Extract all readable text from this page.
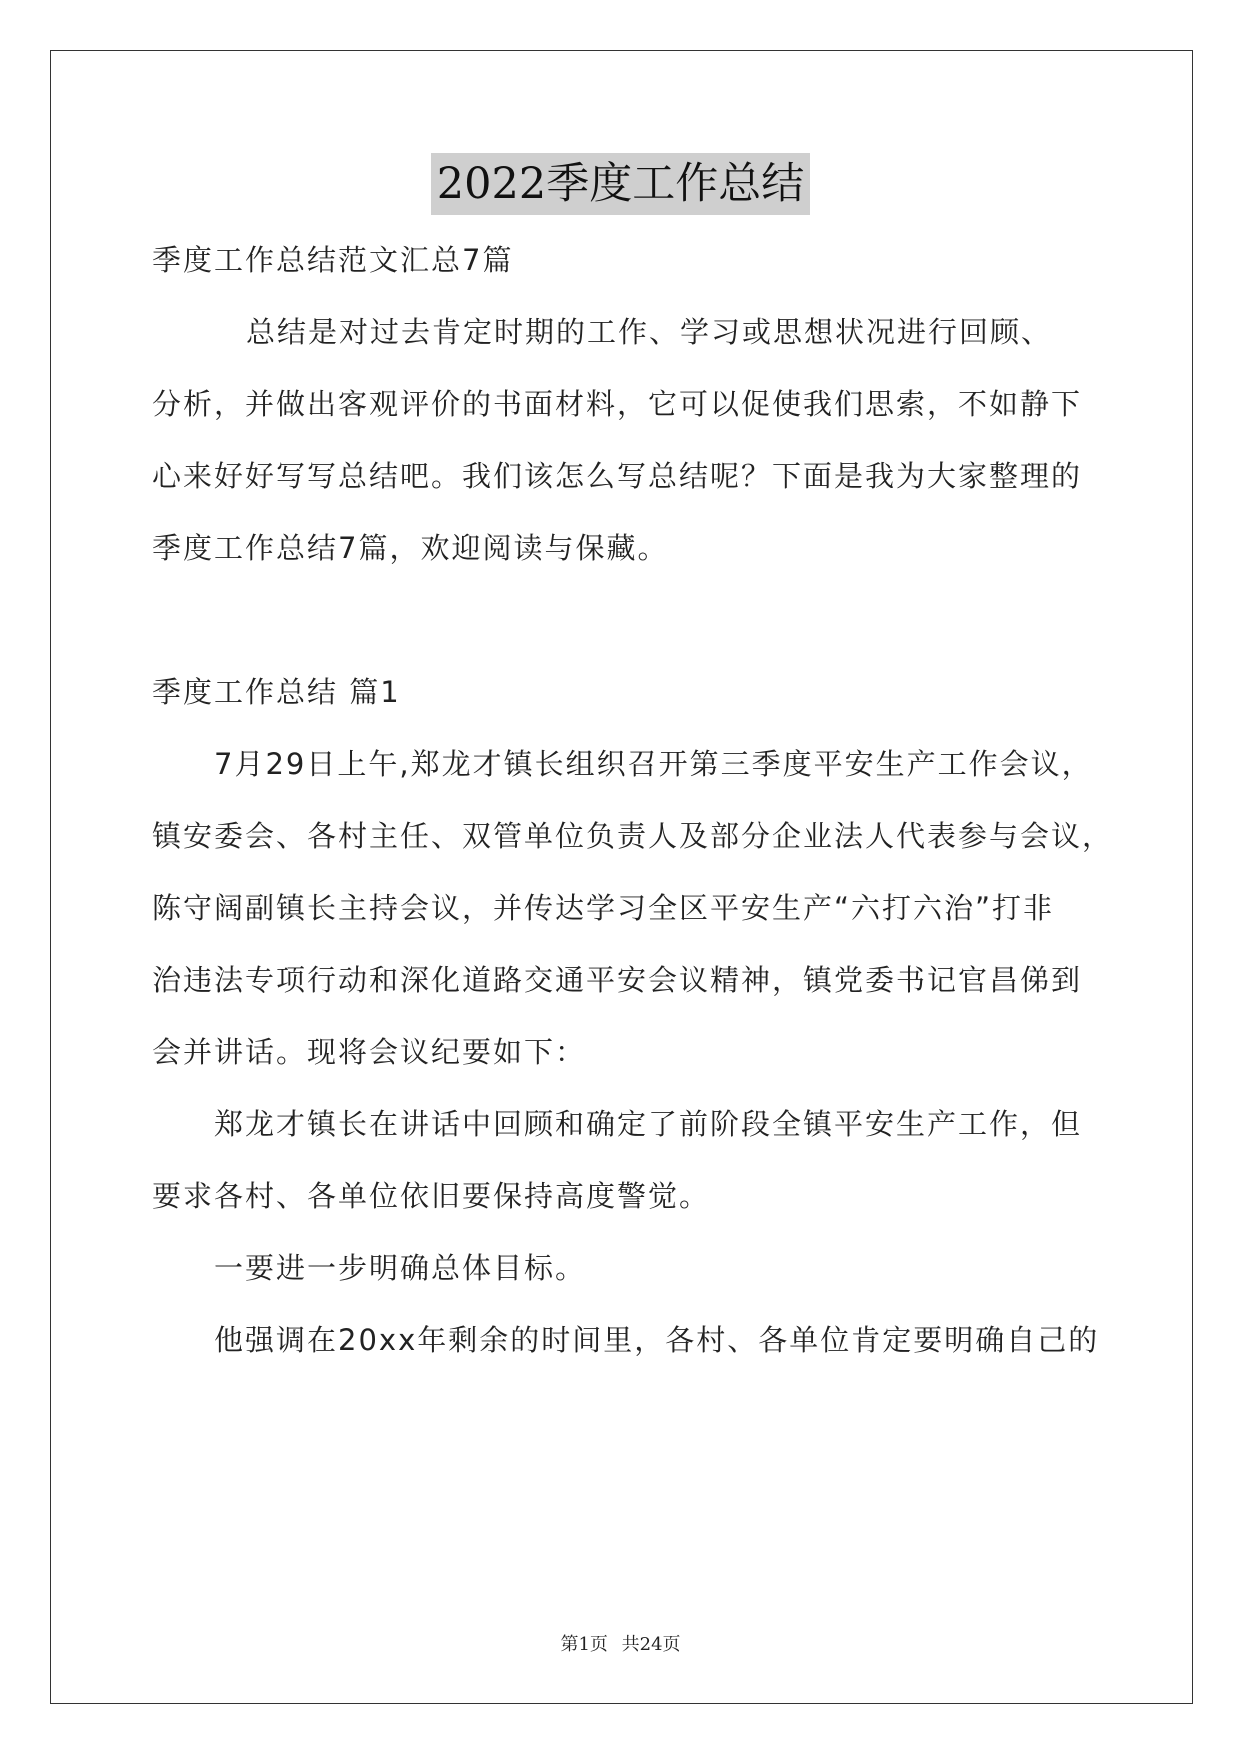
2022季度工作总结
季度工作总结范文汇总7篇
总结是对过去肯定时期的工作、学习或思想状况进行回顾、
分析，并做出客观评价的书面材料，它可以促使我们思索，不如静下
心来好好写写总结吧。我们该怎么写总结呢？下面是我为大家整理的
季度工作总结7篇，欢迎阅读与保藏。
季度工作总结 篇1
7月29日上午,郑龙才镇长组织召开第三季度平安生产工作会议，
镇安委会、各村主任、双管单位负责人及部分企业法人代表参与会议，
陈守阔副镇长主持会议，并传达学习全区平安生产“六打六治”打非
治违法专项行动和深化道路交通平安会议精神，镇党委书记官昌俤到
会并讲话。现将会议纪要如下：
郑龙才镇长在讲话中回顾和确定了前阶段全镇平安生产工作，但
要求各村、各单位依旧要保持高度警觉。
一要进一步明确总体目标。
他强调在20xx年剩余的时间里，各村、各单位肯定要明确自己的
第1页 共24页
